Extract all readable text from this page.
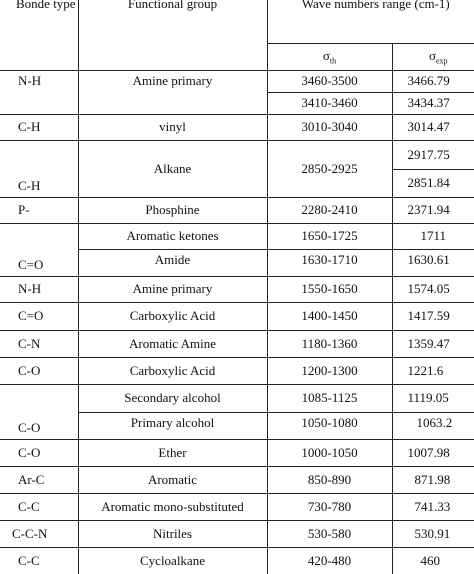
Bonde type	Functional group	Wave numbers range (cm-1)	
		$\sigma_{th}$	$\sigma_{exp}$
N-H	Amine primary	3460-3500	3466.79
		3410-3460	3434.37
C-H	vinyl	3010-3040	3014.47
C-H	Alkane	2850-2925	2917.75
			2851.84
P-	Phosphine	2280-2410	2371.94
C=O	Aromatic ketones	1650-1725	1711
	Amide	1630-1710	1630.61
N-H	Amine primary	1550-1650	1574.05
C=O	Carboxylic Acid	1400-1450	1417.59
C-N	Aromatic Amine	1180-1360	1359.47
C-O	Carboxylic Acid	1200-1300	1221.6
C-O	Secondary alcohol	1085-1125	1119.05
	Primary alcohol	1050-1080	1063.2
C-O	Ether	1000-1050	1007.98
Ar-C	Aromatic	850-890	871.98
C-C	Aromatic mono-substituted	730-780	741.33
C-C-N	Nitriles	530-580	530.91
C-C	Cycloalkane	420-480	460
